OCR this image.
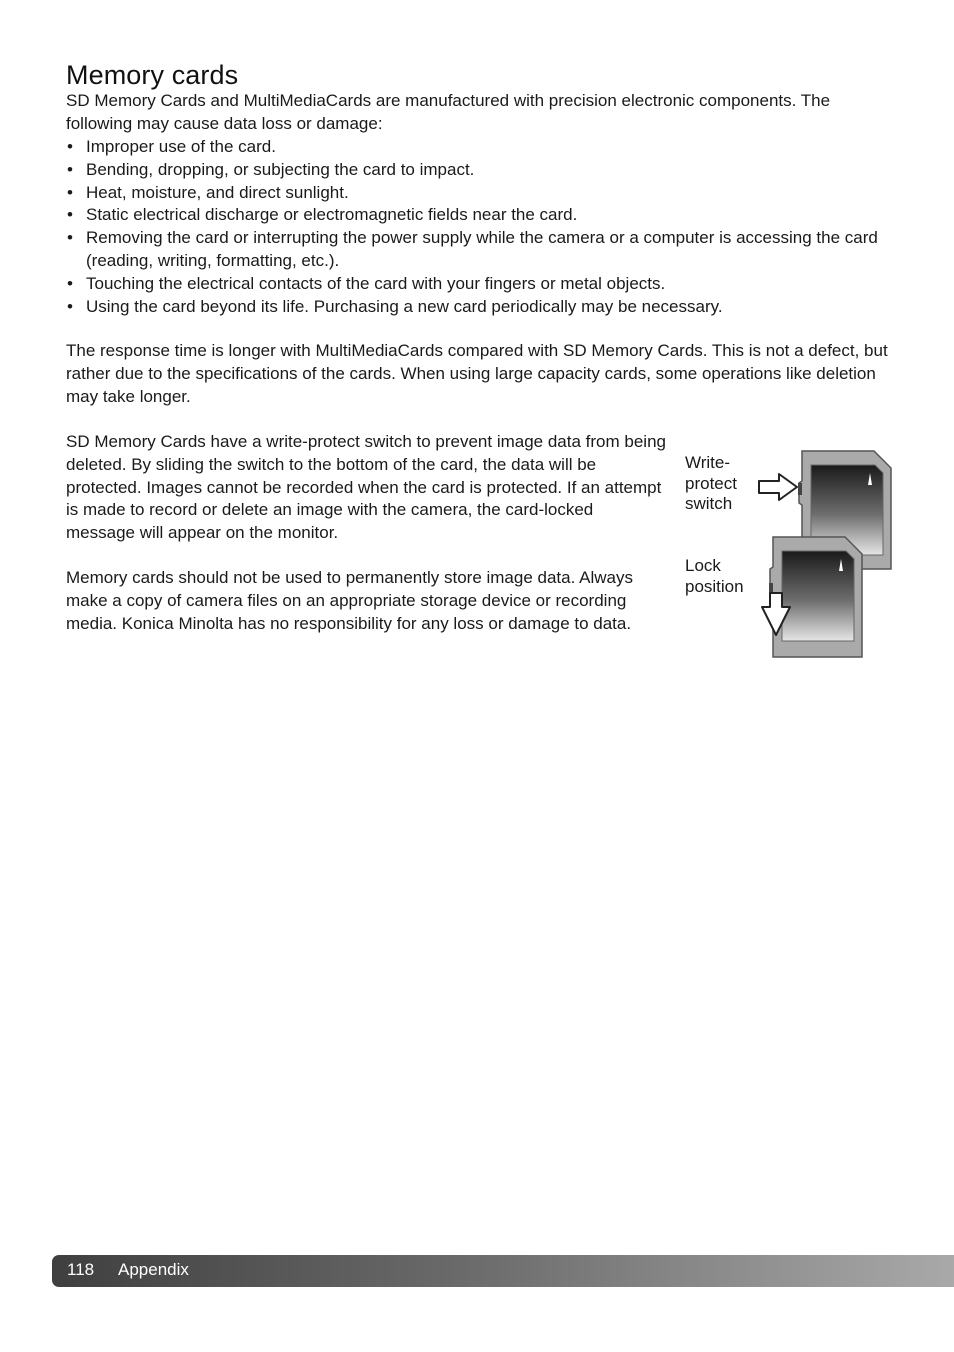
Memory cards

SD Memory Cards and MultiMediaCards are manufactured with precision electronic components. The following may cause data loss or damage:

• Improper use of the card.
• Bending, dropping, or subjecting the card to impact.
• Heat, moisture, and direct sunlight.
• Static electrical discharge or electromagnetic fields near the card.
• Removing the card or interrupting the power supply while the camera or a computer is accessing the card (reading, writing, formatting, etc.).
• Touching the electrical contacts of the card with your fingers or metal objects.
• Using the card beyond its life. Purchasing a new card periodically may be necessary.

The response time is longer with MultiMediaCards compared with SD Memory Cards. This is not a defect, but rather due to the specifications of the cards. When using large capacity cards, some operations like deletion may take longer.

SD Memory Cards have a write-protect switch to prevent image data from being deleted. By sliding the switch to the bottom of the card, the data will be protected. Images cannot be recorded when the card is protected. If an attempt is made to record or delete an image with the camera, the card-locked message will appear on the monitor.

Memory cards should not be used to permanently store image data. Always make a copy of camera files on an appropriate storage device or recording media. Konica Minolta has no responsibility for any loss or damage to data.

Write-protect switch

Lock position

118 Appendix
